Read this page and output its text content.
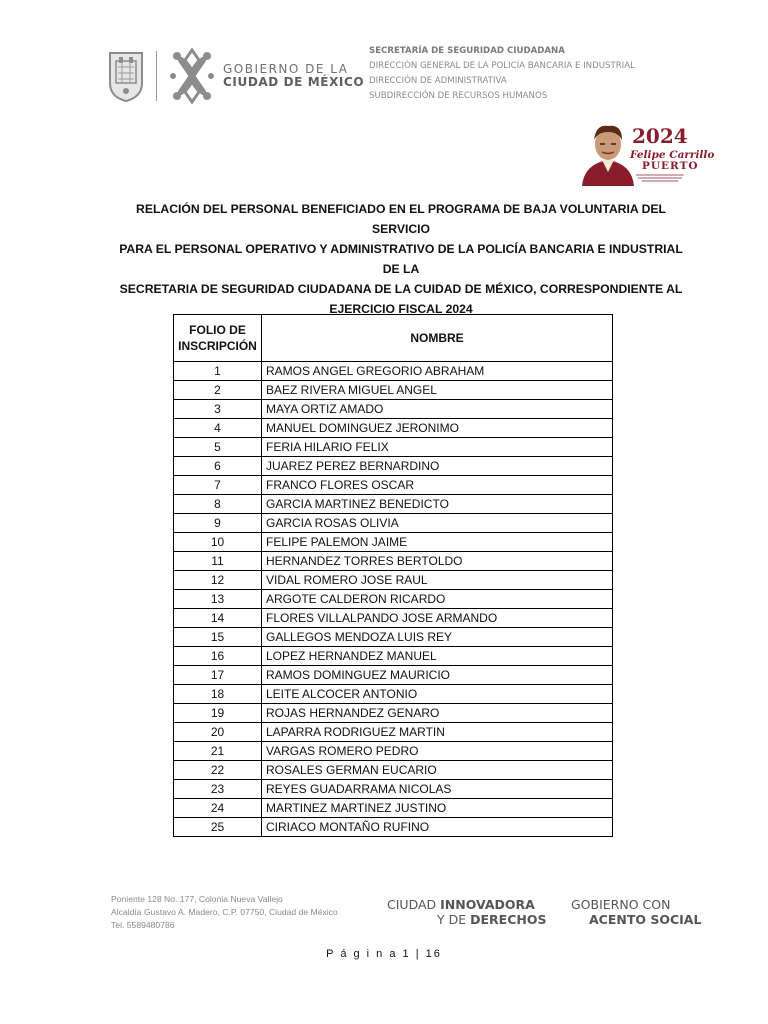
GOBIERNO DE LA
CIUDAD DE MÉXICO
SECRETARÍA DE SEGURIDAD CIUDADANA
DIRECCIÓN GENERAL DE LA POLICÍA BANCARIA E INDUSTRIAL
DIRECCIÓN DE ADMINISTRATIVA
SUBDIRECCIÓN DE RECURSOS HUMANOS
2024
Felipe Carrillo
PUERTO
RELACIÓN DEL PERSONAL BENEFICIADO EN EL PROGRAMA DE BAJA VOLUNTARIA DEL SERVICIO
PARA EL PERSONAL OPERATIVO Y ADMINISTRATIVO DE LA POLICÍA BANCARIA E INDUSTRIAL DE LA
SECRETARIA DE SEGURIDAD CIUDADANA DE LA CUIDAD DE MÉXICO, CORRESPONDIENTE AL
EJERCICIO FISCAL 2024
FOLIO DE
INSCRIPCIÓN	NOMBRE
1	RAMOS ANGEL GREGORIO ABRAHAM
2	BAEZ RIVERA MIGUEL ANGEL
3	MAYA ORTIZ AMADO
4	MANUEL DOMINGUEZ JERONIMO
5	FERIA HILARIO FELIX
6	JUAREZ PEREZ BERNARDINO
7	FRANCO FLORES OSCAR
8	GARCIA MARTINEZ BENEDICTO
9	GARCIA ROSAS OLIVIA
10	FELIPE PALEMON JAIME
11	HERNANDEZ TORRES BERTOLDO
12	VIDAL ROMERO JOSE RAUL
13	ARGOTE CALDERON RICARDO
14	FLORES VILLALPANDO JOSE ARMANDO
15	GALLEGOS MENDOZA LUIS REY
16	LOPEZ HERNANDEZ MANUEL
17	RAMOS DOMINGUEZ MAURICIO
18	LEITE ALCOCER ANTONIO
19	ROJAS HERNANDEZ GENARO
20	LAPARRA RODRIGUEZ MARTIN
21	VARGAS ROMERO PEDRO
22	ROSALES GERMAN EUCARIO
23	REYES GUADARRAMA NICOLAS
24	MARTINEZ MARTINEZ JUSTINO
25	CIRIACO MONTAÑO RUFINO
Poniente 128 No. 177, Colonia Nueva Vallejo
Alcaldía Gustavo A. Madero, C.P. 07750, Ciudad de México
Tel. 5589480786
CIUDAD INNOVADORA
Y DE DERECHOS
GOBIERNO CON
ACENTO SOCIAL
P á g i n a 1 | 16
